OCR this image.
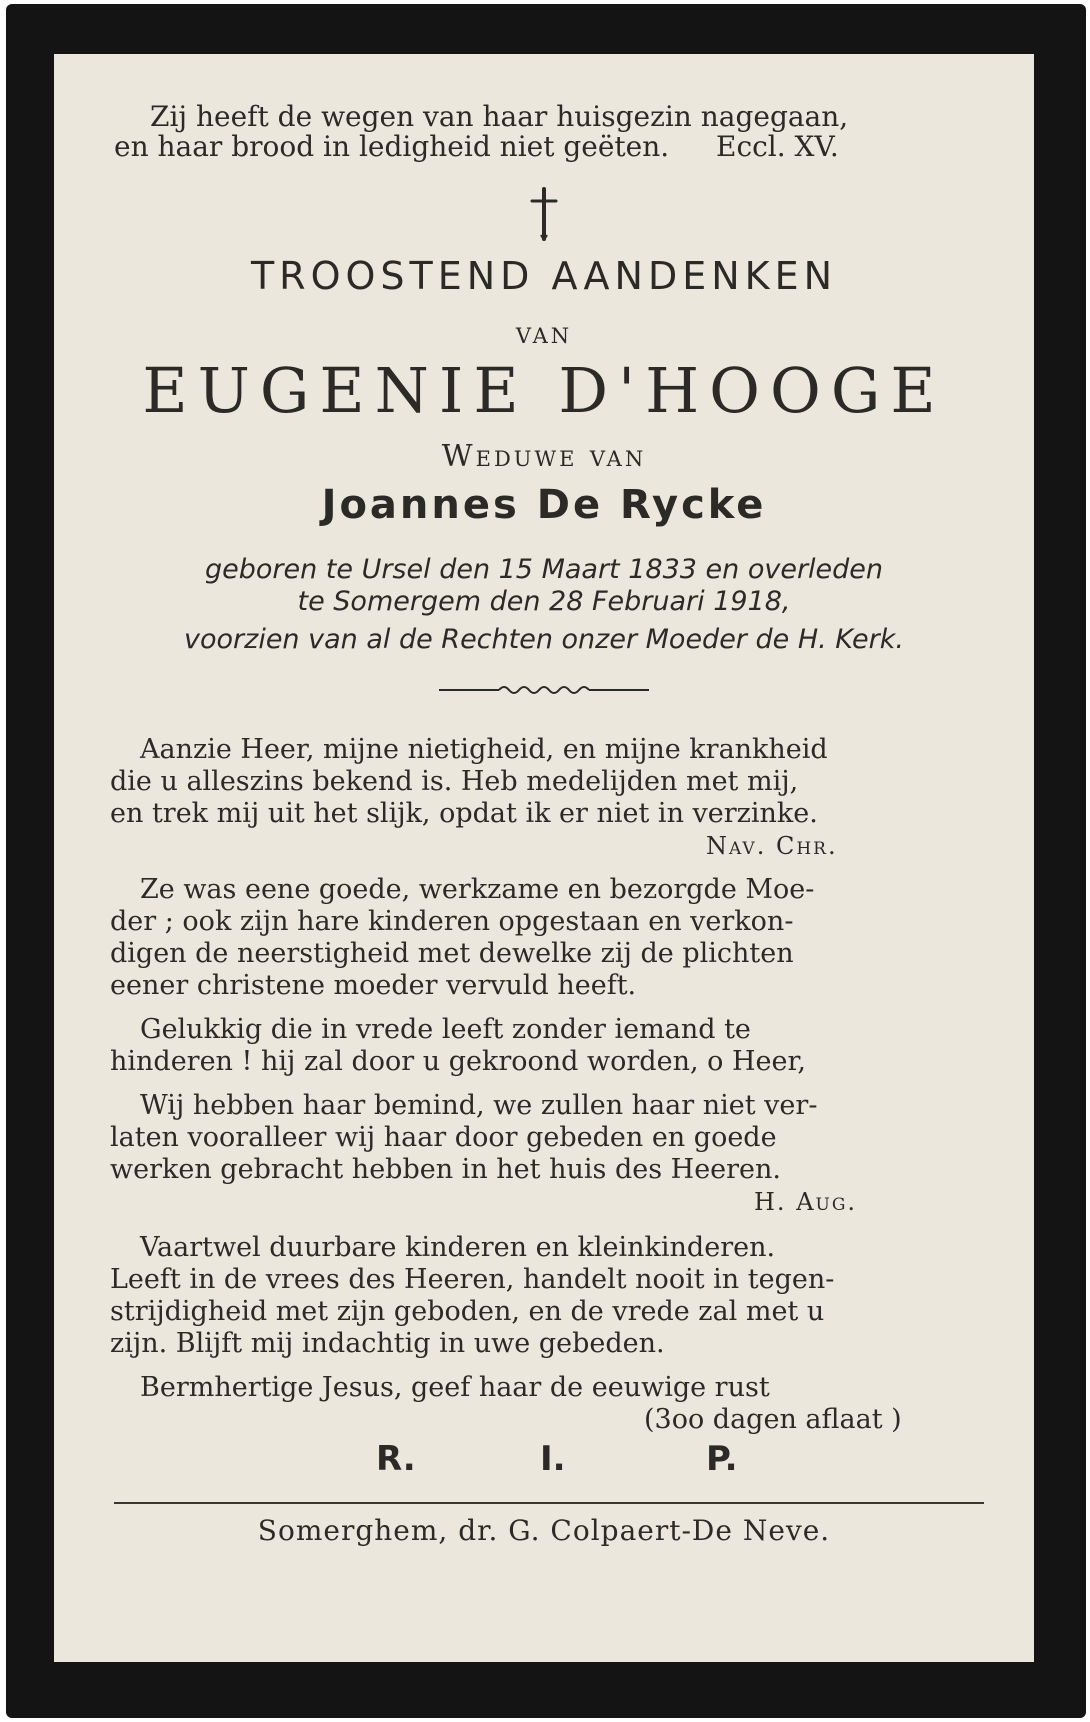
Zij heeft de wegen van haar huisgezin nagegaan,
en haar brood in ledigheid niet geëten. Eccl. XV.
TROOSTEND AANDENKEN
VAN
EUGENIE D'HOOGE
Weduwe van
Joannes De Rycke
geboren te Ursel den 15 Maart 1833 en overleden
te Somergem den 28 Februari 1918,
voorzien van al de Rechten onzer Moeder de H. Kerk.
Aanzie Heer, mijne nietigheid, en mijne krankheid
die u alleszins bekend is. Heb medelijden met mij,
en trek mij uit het slijk, opdat ik er niet in verzinke.
Nav. Chr.
Ze was eene goede, werkzame en bezorgde Moe-
der ; ook zijn hare kinderen opgestaan en verkon-
digen de neerstigheid met dewelke zij de plichten
eener christene moeder vervuld heeft.
Gelukkig die in vrede leeft zonder iemand te
hinderen ! hij zal door u gekroond worden, o Heer,
Wij hebben haar bemind, we zullen haar niet ver-
laten vooralleer wij haar door gebeden en goede
werken gebracht hebben in het huis des Heeren.
H. Aug.
Vaartwel duurbare kinderen en kleinkinderen.
Leeft in de vrees des Heeren, handelt nooit in tegen-
strijdigheid met zijn geboden, en de vrede zal met u
zijn. Blijft mij indachtig in uwe gebeden.
Bermhertige Jesus, geef haar de eeuwige rust
(3oo dagen aflaat )
R.	I.	P.
Somerghem, dr. G. Colpaert-De Neve.
